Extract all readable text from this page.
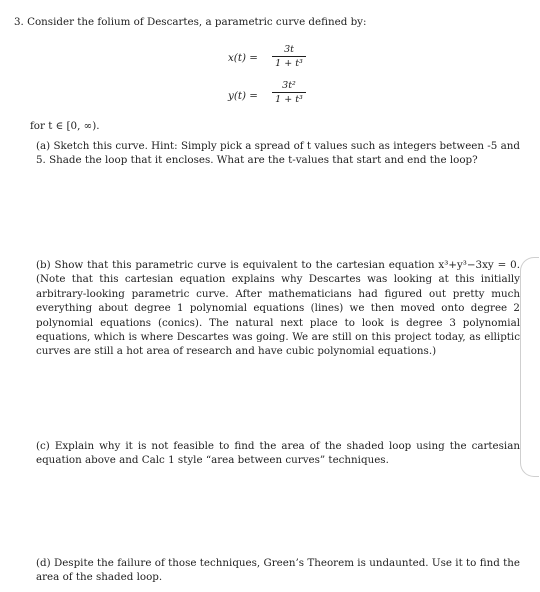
3. Consider the folium of Descartes, a parametric curve defined by:
x(t) =
3t
1 + t³
y(t) =
3t²
1 + t³
for t ∈ [0, ∞).
(a) Sketch this curve. Hint: Simply pick a spread of t values such as integers between -5 and 5. Shade the loop that it encloses. What are the t-values that start and end the loop?
(b) Show that this parametric curve is equivalent to the cartesian equation x³+y³−3xy = 0. (Note that this cartesian equation explains why Descartes was looking at this initially arbitrary-looking parametric curve. After mathematicians had figured out pretty much everything about degree 1 polynomial equations (lines) we then moved onto degree 2 polynomial equations (conics). The natural next place to look is degree 3 polynomial equations, which is where Descartes was going. We are still on this project today, as elliptic curves are still a hot area of research and have cubic polynomial equations.)
(c) Explain why it is not feasible to find the area of the shaded loop using the cartesian equation above and Calc 1 style “area between curves” techniques.
(d) Despite the failure of those techniques, Green’s Theorem is undaunted. Use it to find the area of the shaded loop.
